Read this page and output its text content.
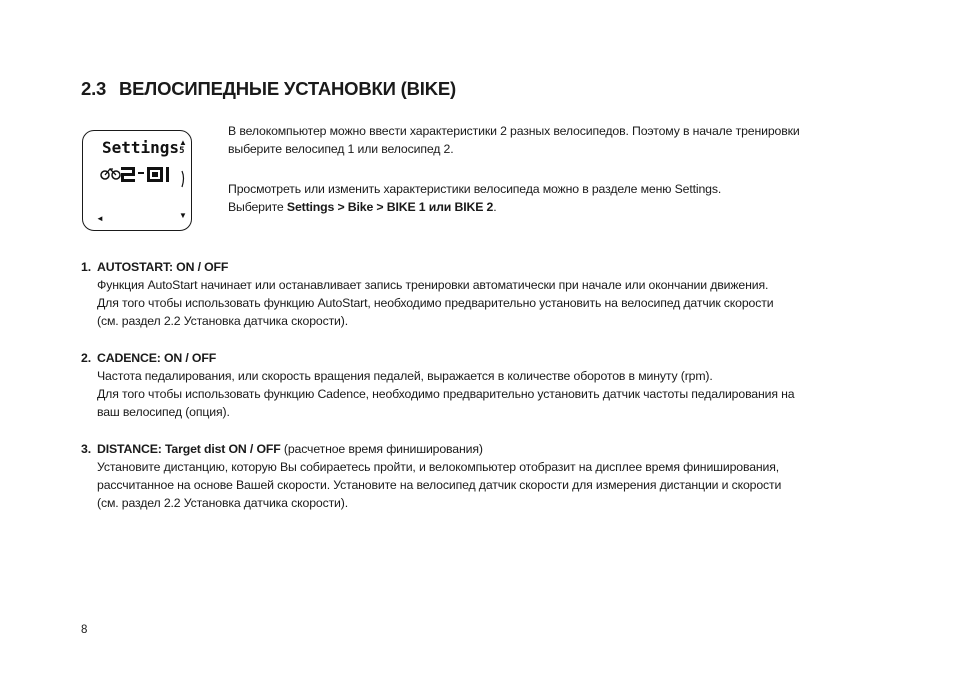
2.3 ВЕЛОСИПЕДНЫЕ УСТАНОВКИ (BIKE)
Settings5
▲
▼
◄
В велокомпьютер можно ввести характеристики 2 разных велосипедов. Поэтому в начале тренировки выберите велосипед 1 или велосипед 2.
Просмотреть или изменить характеристики велосипеда можно в разделе меню Settings.
Выберите Settings > Bike > BIKE 1 или BIKE 2.
1. AUTOSTART: ON / OFF
Функция AutoStart начинает или останавливает запись тренировки автоматически при начале или окончании движения.
Для того чтобы использовать функцию AutoStart, необходимо предварительно установить на велосипед датчик скорости
(см. раздел 2.2 Установка датчика скорости).
2. CADENCE: ON / OFF
Частота педалирования, или скорость вращения педалей, выражается в количестве оборотов в минуту (rpm).
Для того чтобы использовать функцию Cadence, необходимо предварительно установить датчик частоты педалирования на
ваш велосипед (опция).
3. DISTANCE: Target dist ON / OFF (расчетное время финиширования)
Установите дистанцию, которую Вы собираетесь пройти, и велокомпьютер отобразит на дисплее время финиширования,
рассчитанное на основе Вашей скорости. Установите на велосипед датчик скорости для измерения дистанции и скорости
(см. раздел 2.2 Установка датчика скорости).
8
